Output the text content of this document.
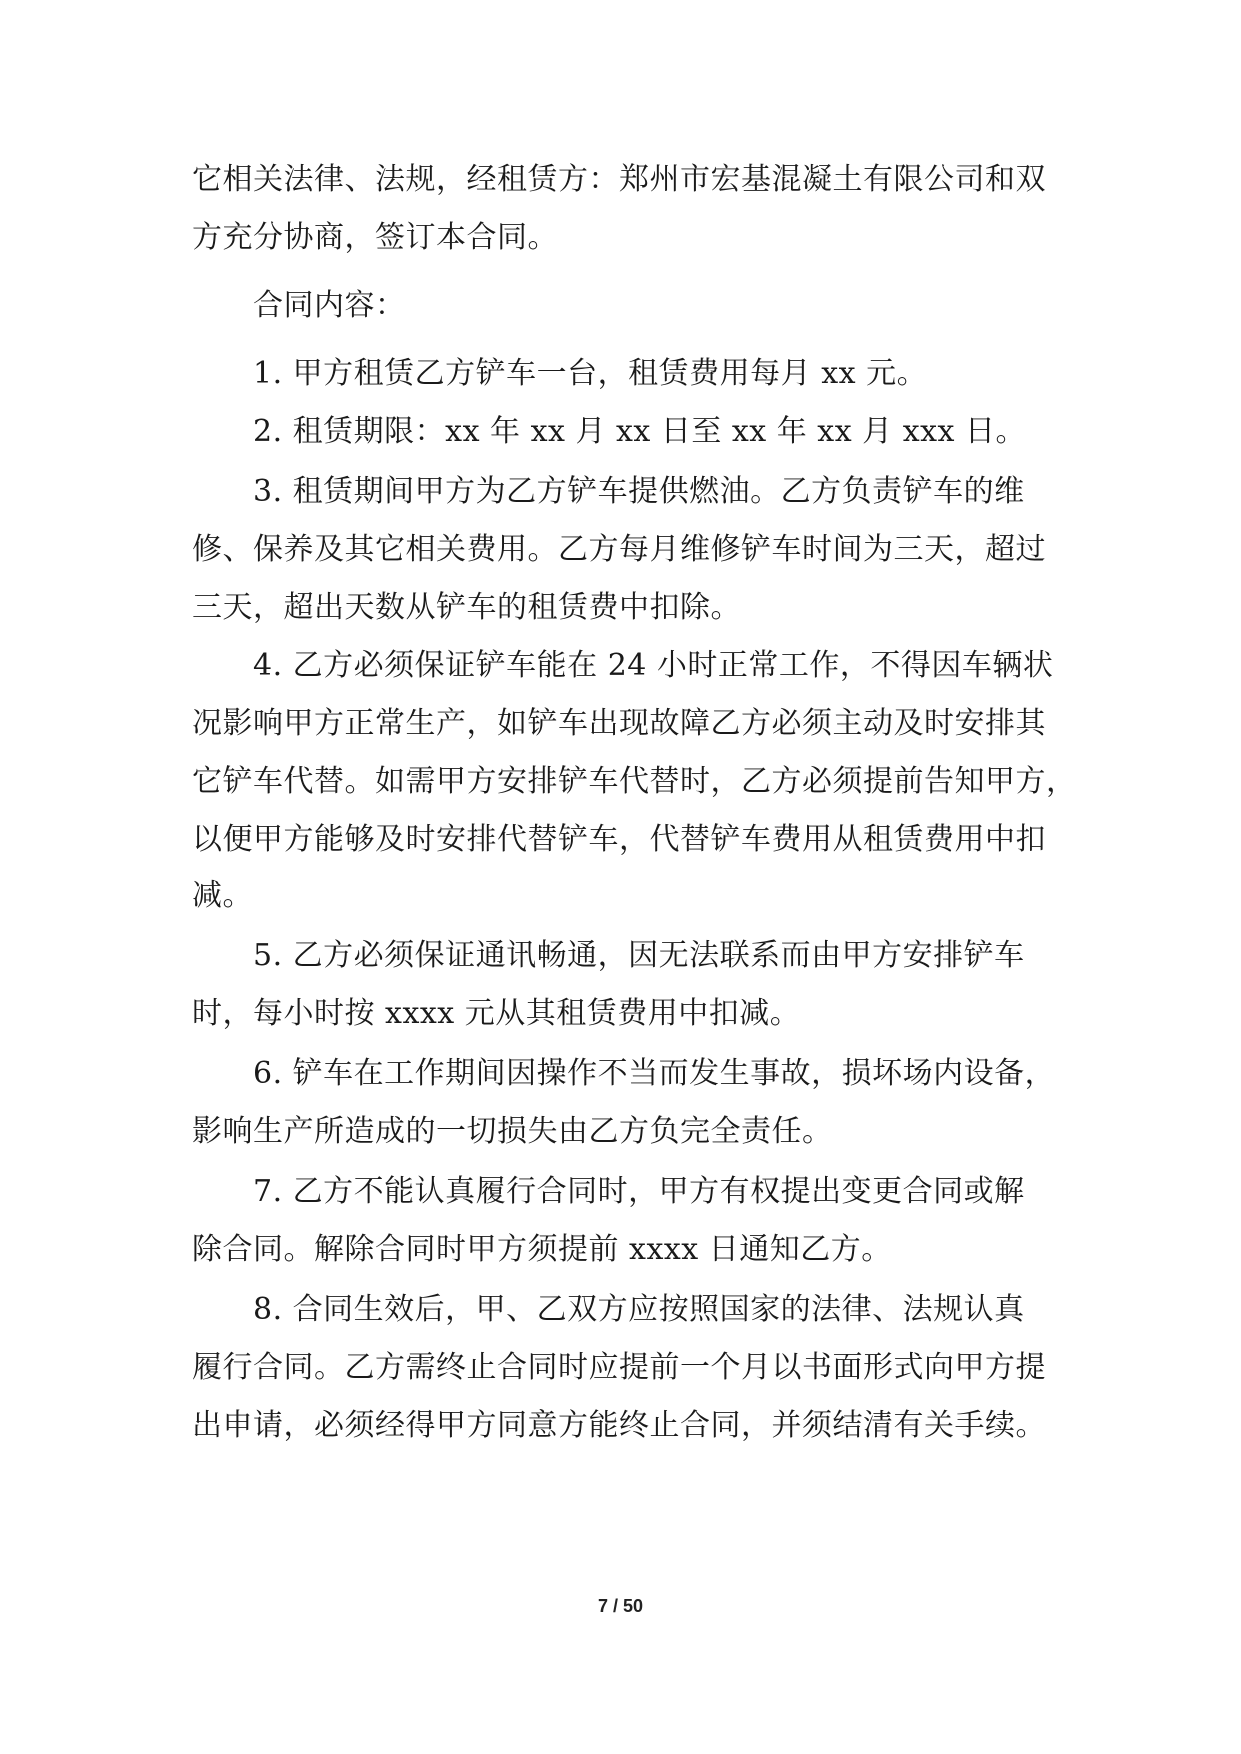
它相关法律、法规，经租赁方：郑州市宏基混凝土有限公司和双
方充分协商，签订本合同。
　　合同内容：
　　1. 甲方租赁乙方铲车一台，租赁费用每月 xx 元。
　　2. 租赁期限：xx 年 xx 月 xx 日至 xx 年 xx 月 xxx 日。
　　3. 租赁期间甲方为乙方铲车提供燃油。乙方负责铲车的维
修、保养及其它相关费用。乙方每月维修铲车时间为三天，超过
三天，超出天数从铲车的租赁费中扣除。
　　4. 乙方必须保证铲车能在 24 小时正常工作，不得因车辆状
况影响甲方正常生产，如铲车出现故障乙方必须主动及时安排其
它铲车代替。如需甲方安排铲车代替时，乙方必须提前告知甲方，
以便甲方能够及时安排代替铲车，代替铲车费用从租赁费用中扣
减。
　　5. 乙方必须保证通讯畅通，因无法联系而由甲方安排铲车
时，每小时按 xxxx 元从其租赁费用中扣减。
　　6. 铲车在工作期间因操作不当而发生事故，损坏场内设备，
影响生产所造成的一切损失由乙方负完全责任。
　　7. 乙方不能认真履行合同时，甲方有权提出变更合同或解
除合同。解除合同时甲方须提前 xxxx 日通知乙方。
　　8. 合同生效后，甲、乙双方应按照国家的法律、法规认真
履行合同。乙方需终止合同时应提前一个月以书面形式向甲方提
出申请，必须经得甲方同意方能终止合同，并须结清有关手续。
7 / 50
